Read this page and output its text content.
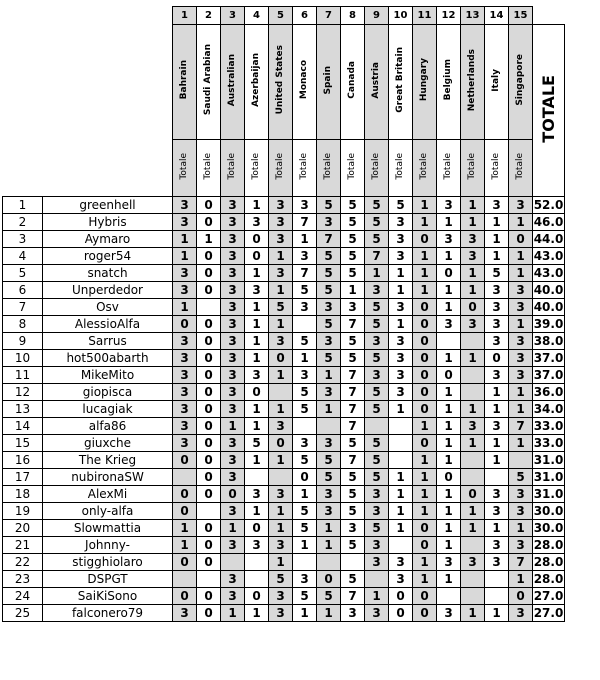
		1	2	3	4	5	6	7	8	9	10	11	12	13	14	15	
		Bahrain	Saudi Arabian	Australian	Azerbaijan	United States	Monaco	Spain	Canada	Austria	Great Britain	Hungary	Belgium	Netherlands	Italy	Singapore	TOTALE
		Totale	Totale	Totale	Totale	Totale	Totale	Totale	Totale	Totale	Totale	Totale	Totale	Totale	Totale	Totale	
1	greenhell	3	0	3	1	3	3	5	5	5	5	1	3	1	3	3	52.0
2	Hybris	3	0	3	3	3	7	3	5	5	3	1	1	1	1	1	46.0
3	Aymaro	1	1	3	0	3	1	7	5	5	3	0	3	3	1	0	44.0
4	roger54	1	0	3	0	1	3	5	5	7	3	1	1	3	1	1	43.0
5	snatch	3	0	3	1	3	7	5	5	1	1	1	0	1	5	1	43.0
6	Unperdedor	3	0	3	3	1	5	5	1	3	1	1	1	1	3	3	40.0
7	Osv	1		3	1	5	3	3	3	5	3	0	1	0	3	3	40.0
8	AlessioAlfa	0	0	3	1	1		5	7	5	1	0	3	3	3	1	39.0
9	Sarrus	3	0	3	1	3	5	3	5	3	3	0			3	3	38.0
10	hot500abarth	3	0	3	1	0	1	5	5	5	3	0	1	1	0	3	37.0
11	MikeMito	3	0	3	3	1	3	1	7	3	3	0	0		3	3	37.0
12	giopisca	3	0	3	0		5	3	7	5	3	0	1		1	1	36.0
13	lucagiak	3	0	3	1	1	5	1	7	5	1	0	1	1	1	1	34.0
14	alfa86	3	0	1	1	3			7			1	1	3	3	7	33.0
15	giuxche	3	0	3	5	0	3	3	5	5		0	1	1	1	1	33.0
16	The Krieg	0	0	3	1	1	5	5	7	5		1	1		1		31.0
17	nubironaSW		0	3			0	5	5	5	1	1	0			5	31.0
18	AlexMi	0	0	0	3	3	1	3	5	3	1	1	1	0	3	3	31.0
19	only-alfa	0		3	1	1	5	3	5	3	1	1	1	1	3	3	30.0
20	Slowmattia	1	0	1	0	1	5	1	3	5	1	0	1	1	1	1	30.0
21	Johnny-	1	0	3	3	3	1	1	5	3		0	1		3	3	28.0
22	stigghiolaro	0	0			1				3	3	1	3	3	3	7	28.0
23	DSPGT			3		5	3	0	5		3	1	1			1	28.0
24	SaiKiSono	0	0	3	0	3	5	5	7	1	0	0				0	27.0
25	falconero79	3	0	1	1	3	1	1	3	3	0	0	3	1	1	3	27.0
